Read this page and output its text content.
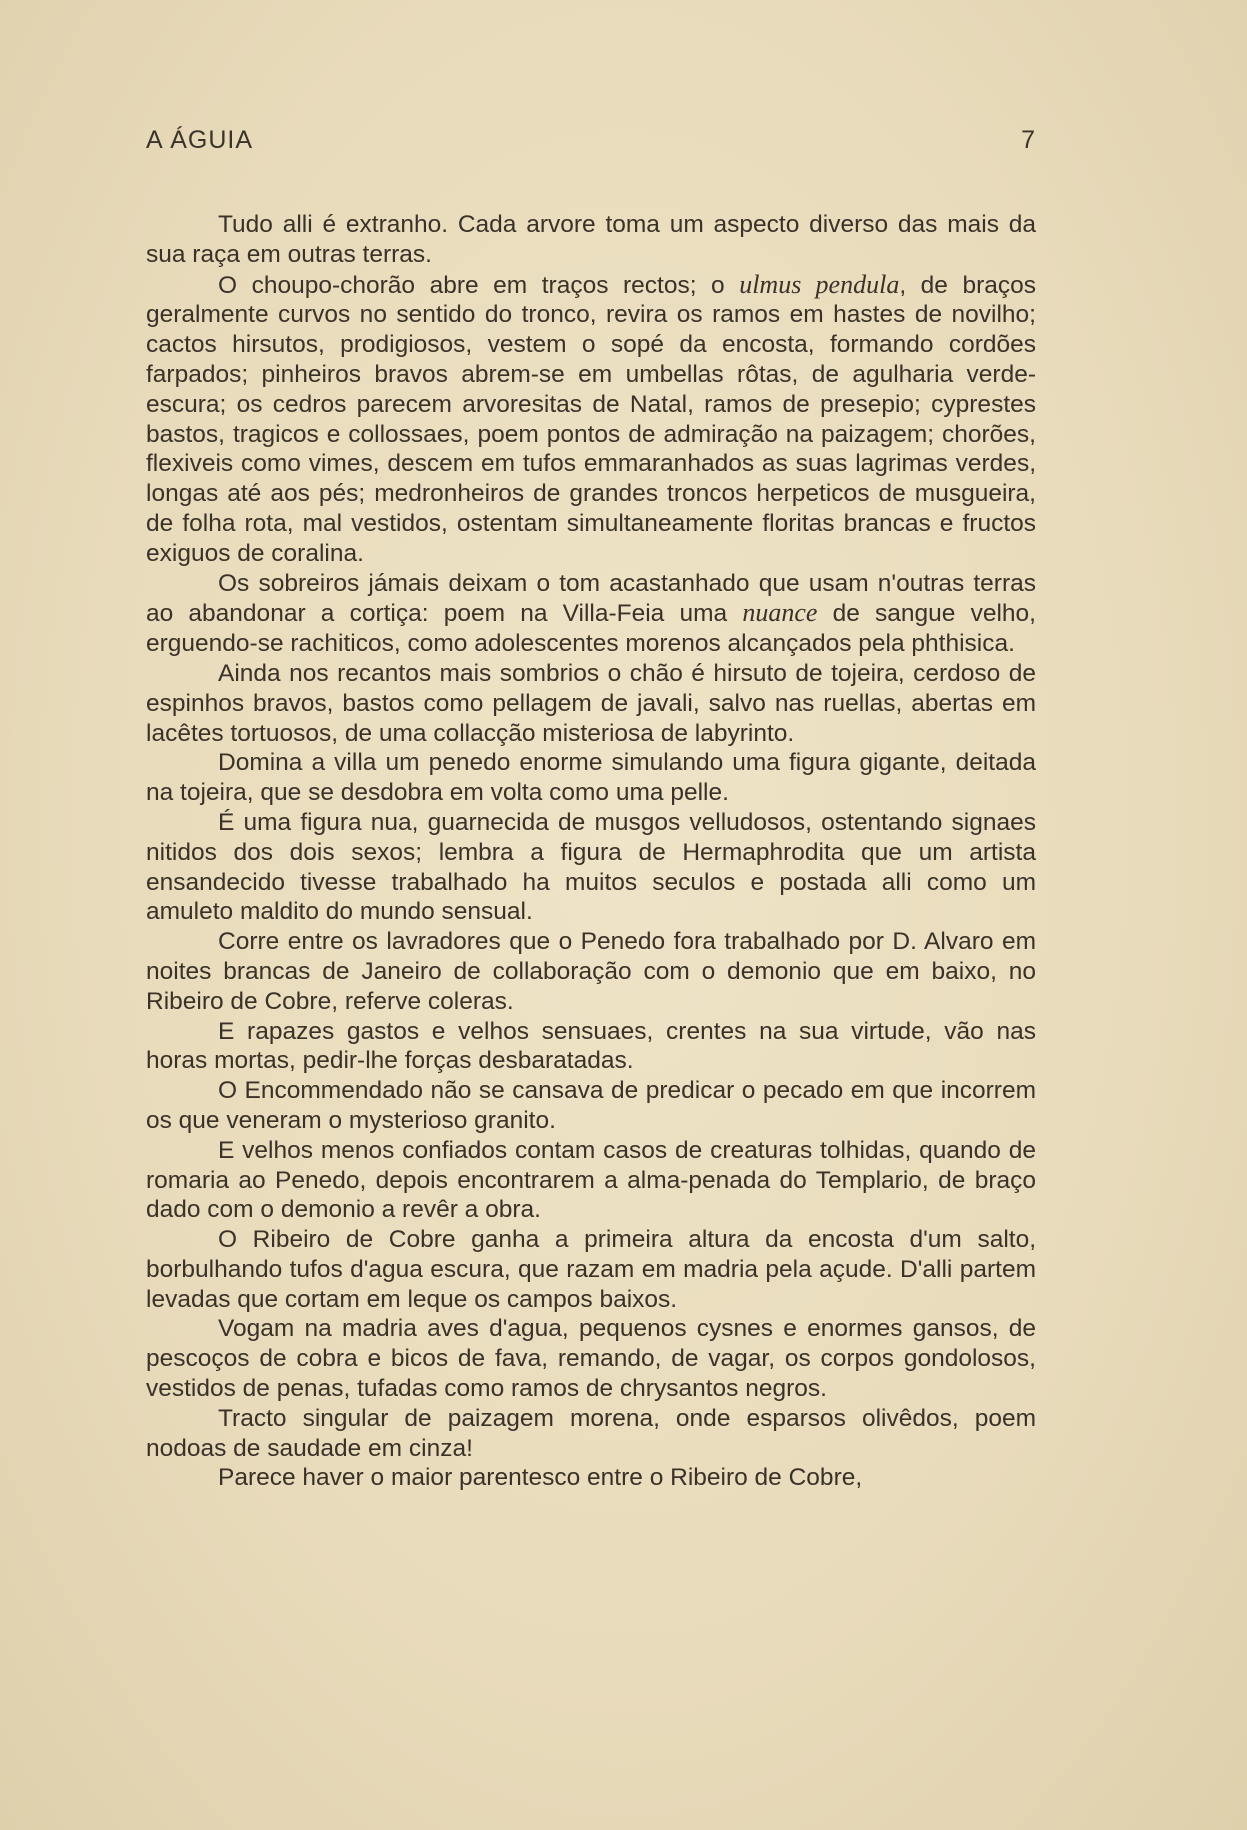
A ÁGUIA	7

Tudo alli é extranho. Cada arvore toma um aspecto diverso das mais da sua raça em outras terras.

O choupo-chorão abre em traços rectos; o ulmus pendula, de braços geralmente curvos no sentido do tronco, revira os ramos em hastes de novilho; cactos hirsutos, prodigiosos, vestem o sopé da encosta, formando cordões farpados; pinheiros bravos abrem-se em umbellas rôtas, de agulharia verde-escura; os cedros parecem arvoresitas de Natal, ramos de presepio; cyprestes bastos, tragicos e collossaes, poem pontos de admiração na paizagem; chorões, flexiveis como vimes, descem em tufos emmaranhados as suas lagrimas verdes, longas até aos pés; medronheiros de grandes troncos herpeticos de musgueira, de folha rota, mal vestidos, ostentam simultaneamente floritas brancas e fructos exiguos de coralina.

Os sobreiros jámais deixam o tom acastanhado que usam n'outras terras ao abandonar a cortiça: poem na Villa-Feia uma nuance de sangue velho, erguendo-se rachiticos, como adolescentes morenos alcançados pela phthisica.

Ainda nos recantos mais sombrios o chão é hirsuto de tojeira, cerdoso de espinhos bravos, bastos como pellagem de javali, salvo nas ruellas, abertas em lacêtes tortuosos, de uma collacção misteriosa de labyrinto.

Domina a villa um penedo enorme simulando uma figura gigante, deitada na tojeira, que se desdobra em volta como uma pelle.

É uma figura nua, guarnecida de musgos velludosos, ostentando signaes nitidos dos dois sexos; lembra a figura de Hermaphrodita que um artista ensandecido tivesse trabalhado ha muitos seculos e postada alli como um amuleto maldito do mundo sensual.

Corre entre os lavradores que o Penedo fora trabalhado por D. Alvaro em noites brancas de Janeiro de collaboração com o demonio que em baixo, no Ribeiro de Cobre, referve coleras.

E rapazes gastos e velhos sensuaes, crentes na sua virtude, vão nas horas mortas, pedir-lhe forças desbaratadas.

O Encommendado não se cansava de predicar o pecado em que incorrem os que veneram o mysterioso granito.

E velhos menos confiados contam casos de creaturas tolhidas, quando de romaria ao Penedo, depois encontrarem a alma-penada do Templario, de braço dado com o demonio a revêr a obra.

O Ribeiro de Cobre ganha a primeira altura da encosta d'um salto, borbulhando tufos d'agua escura, que razam em madria pela açude. D'alli partem levadas que cortam em leque os campos baixos.

Vogam na madria aves d'agua, pequenos cysnes e enormes gansos, de pescoços de cobra e bicos de fava, remando, de vagar, os corpos gondolosos, vestidos de penas, tufadas como ramos de chrysantos negros.

Tracto singular de paizagem morena, onde esparsos olivêdos, poem nodoas de saudade em cinza!

Parece haver o maior parentesco entre o Ribeiro de Cobre,
